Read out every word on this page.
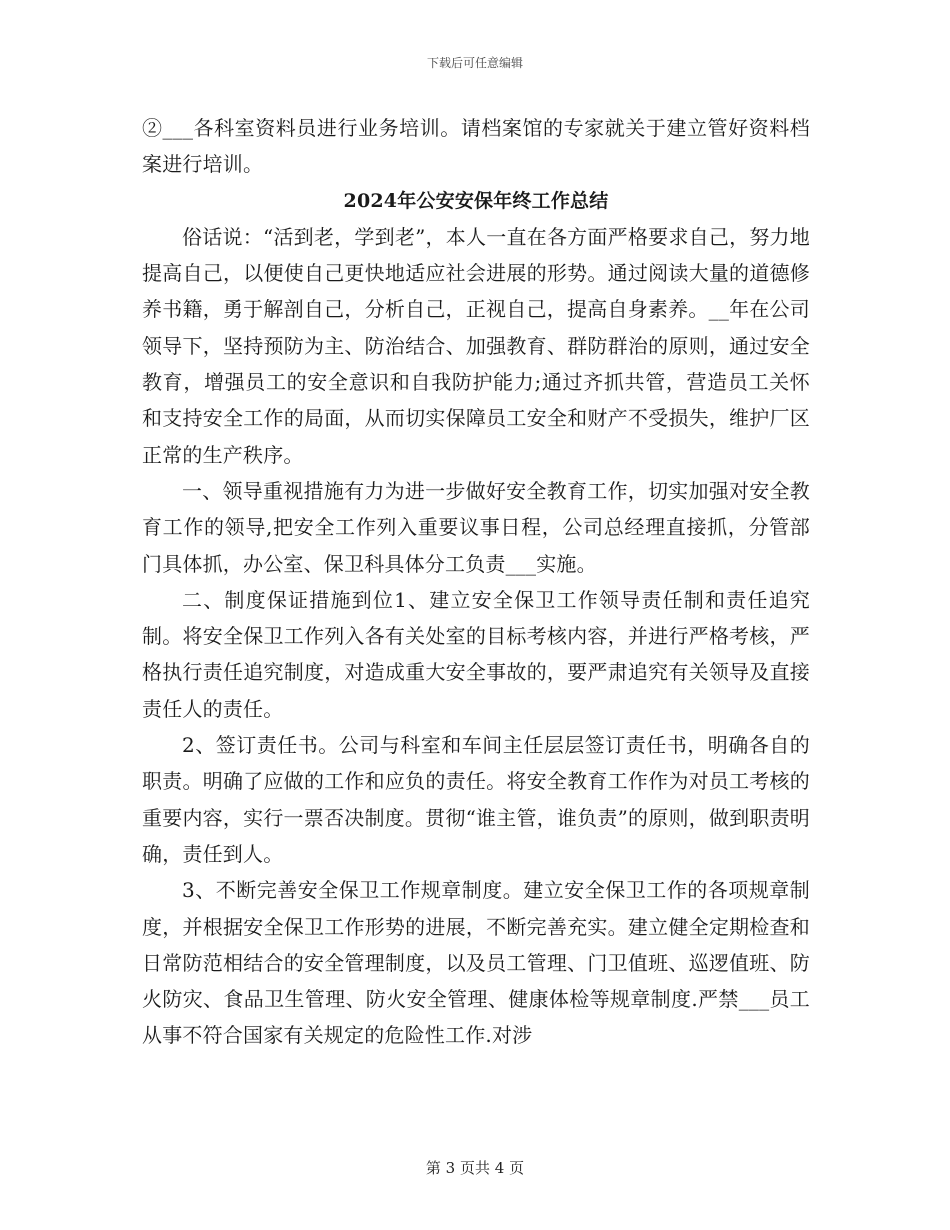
下载后可任意编辑

②___各科室资料员进行业务培训。请档案馆的专家就关于建立管好资料档案进行培训。

2024年公安安保年终工作总结

俗话说：“活到老，学到老”，本人一直在各方面严格要求自己，努力地提高自己，以便使自己更快地适应社会进展的形势。通过阅读大量的道德修养书籍，勇于解剖自己，分析自己，正视自己，提高自身素养。__年在公司领导下，坚持预防为主、防治结合、加强教育、群防群治的原则，通过安全教育，增强员工的安全意识和自我防护能力;通过齐抓共管，营造员工关怀和支持安全工作的局面，从而切实保障员工安全和财产不受损失，维护厂区正常的生产秩序。

一、领导重视措施有力为进一步做好安全教育工作，切实加强对安全教育工作的领导,把安全工作列入重要议事日程，公司总经理直接抓，分管部门具体抓，办公室、保卫科具体分工负责___实施。

二、制度保证措施到位1、建立安全保卫工作领导责任制和责任追究制。将安全保卫工作列入各有关处室的目标考核内容，并进行严格考核，严格执行责任追究制度，对造成重大安全事故的，要严肃追究有关领导及直接责任人的责任。

2、签订责任书。公司与科室和车间主任层层签订责任书，明确各自的职责。明确了应做的工作和应负的责任。将安全教育工作作为对员工考核的重要内容，实行一票否决制度。贯彻“谁主管，谁负责”的原则，做到职责明确，责任到人。

3、不断完善安全保卫工作规章制度。建立安全保卫工作的各项规章制度，并根据安全保卫工作形势的进展，不断完善充实。建立健全定期检查和日常防范相结合的安全管理制度，以及员工管理、门卫值班、巡逻值班、防火防灾、食品卫生管理、防火安全管理、健康体检等规章制度.严禁___员工从事不符合国家有关规定的危险性工作.对涉

第 3 页共 4 页
